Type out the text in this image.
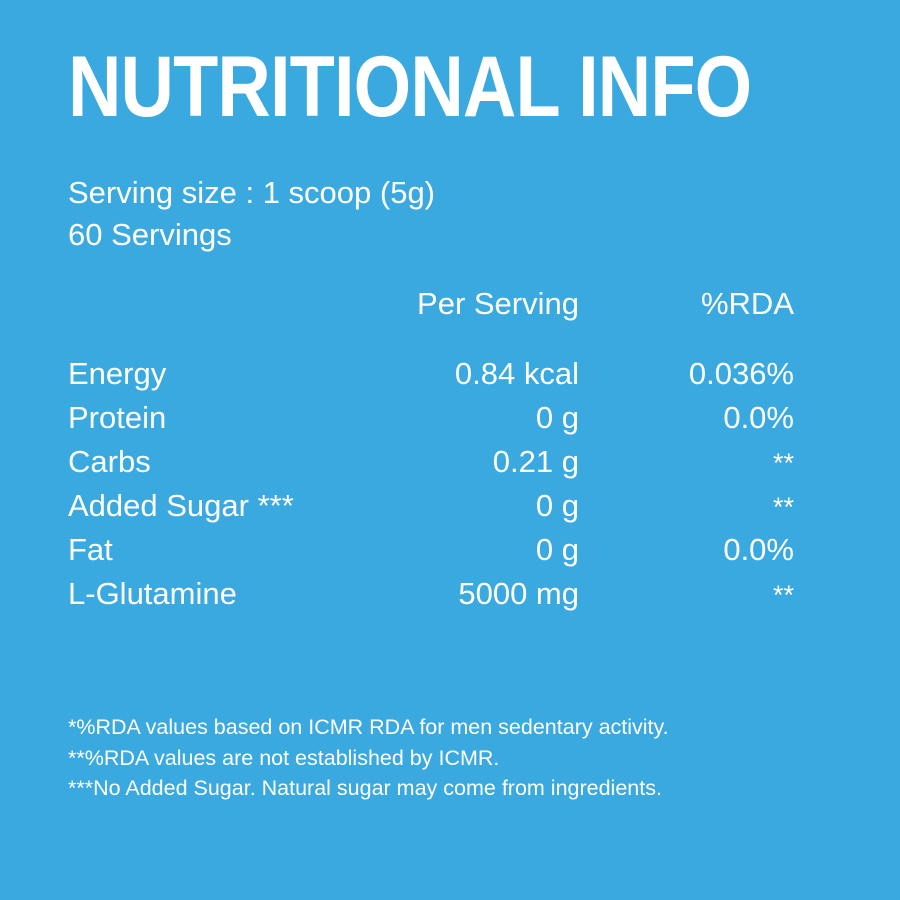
NUTRITIONAL INFO
Serving size : 1 scoop (5g)
60 Servings
	Per Serving	%RDA
Energy	0.84 kcal	0.036%
Protein	0 g	0.0%
Carbs	0.21 g	**
Added Sugar ***	0 g	**
Fat	0 g	0.0%
L-Glutamine	5000 mg	**
*%RDA values based on ICMR RDA for men sedentary activity.
**%RDA values are not established by ICMR.
***No Added Sugar. Natural sugar may come from ingredients.
